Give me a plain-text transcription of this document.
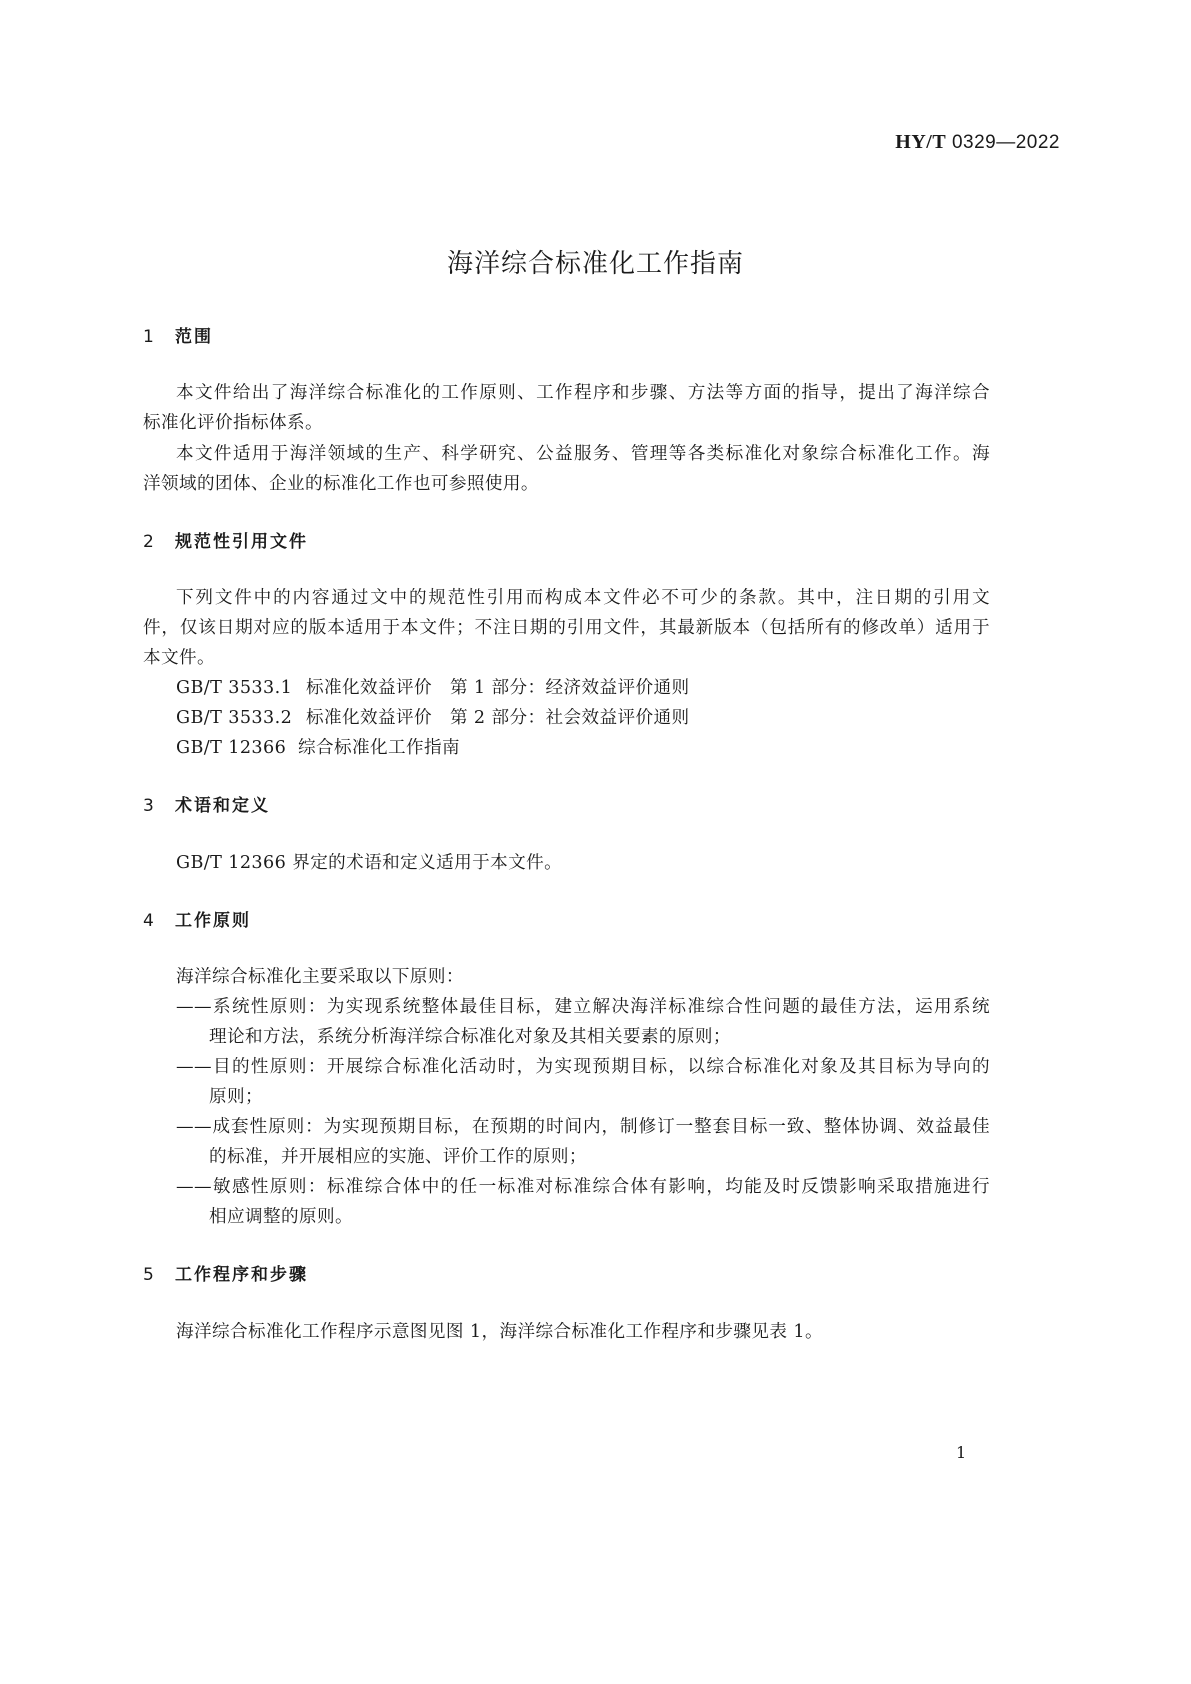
HY/T 0329—2022
海洋综合标准化工作指南
1 范围
本文件给出了海洋综合标准化的工作原则、工作程序和步骤、方法等方面的指导，提出了海洋综合
标准化评价指标体系。
本文件适用于海洋领域的生产、科学研究、公益服务、管理等各类标准化对象综合标准化工作。海
洋领域的团体、企业的标准化工作也可参照使用。
2 规范性引用文件
下列文件中的内容通过文中的规范性引用而构成本文件必不可少的条款。其中，注日期的引用文
件，仅该日期对应的版本适用于本文件；不注日期的引用文件，其最新版本（包括所有的修改单）适用于
本文件。
GB/T 3533.1 标准化效益评价　第 1 部分：经济效益评价通则
GB/T 3533.2 标准化效益评价　第 2 部分：社会效益评价通则
GB/T 12366 综合标准化工作指南
3 术语和定义
GB/T 12366 界定的术语和定义适用于本文件。
4 工作原则
海洋综合标准化主要采取以下原则：
——系统性原则：为实现系统整体最佳目标，建立解决海洋标准综合性问题的最佳方法，运用系统
理论和方法，系统分析海洋综合标准化对象及其相关要素的原则；
——目的性原则：开展综合标准化活动时，为实现预期目标，以综合标准化对象及其目标为导向的
原则；
——成套性原则：为实现预期目标，在预期的时间内，制修订一整套目标一致、整体协调、效益最佳
的标准，并开展相应的实施、评价工作的原则；
——敏感性原则：标准综合体中的任一标准对标准综合体有影响，均能及时反馈影响采取措施进行
相应调整的原则。
5 工作程序和步骤
海洋综合标准化工作程序示意图见图 1，海洋综合标准化工作程序和步骤见表 1。
1
